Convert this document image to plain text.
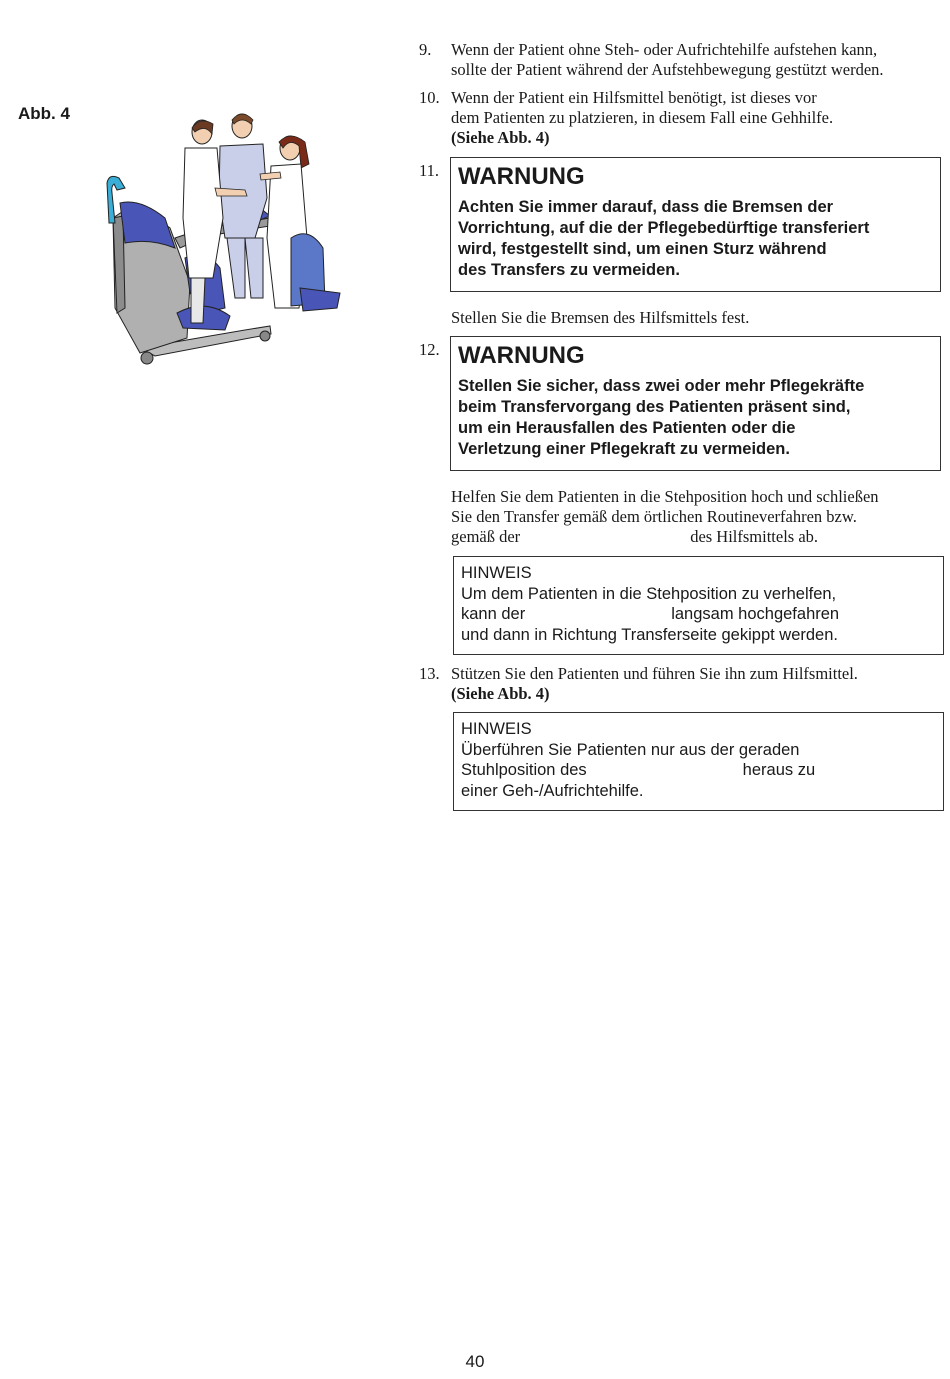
Abb. 4
9. Wenn der Patient ohne Steh- oder Aufrichtehilfe aufstehen kann,
sollte der Patient während der Aufstehbewegung gestützt werden.
10. Wenn der Patient ein Hilfsmittel benötigt, ist dieses vor
dem Patienten zu platzieren, in diesem Fall eine Gehhilfe.
(Siehe Abb. 4)
11. WARNUNG

Achten Sie immer darauf, dass die Bremsen der

Vorrichtung, auf die der Pflegebedürftige transferiert

wird, festgestellt sind, um einen Sturz während

des Transfers zu vermeiden.

Stellen Sie die Bremsen des Hilfsmittels fest.
12. WARNUNG

Stellen Sie sicher, dass zwei oder mehr Pflegekräfte

beim Transfervorgang des Patienten präsent sind,

um ein Herausfallen des Patienten oder die

Verletzung einer Pflegekraft zu vermeiden.

Helfen Sie dem Patienten in die Stehposition hoch und schließen
Sie den Transfer gemäß dem örtlichen Routineverfahren bzw.
gemäß der	des Hilfsmittels ab.
HINWEIS
Um dem Patienten in die Stehposition zu verhelfen,
kann der	langsam hochgefahren
und dann in Richtung Transferseite gekippt werden.
13. Stützen Sie den Patienten und führen Sie ihn zum Hilfsmittel.
(Siehe Abb. 4)
HINWEIS
Überführen Sie Patienten nur aus der geraden
Stuhlposition des	heraus zu
einer Geh-/Aufrichtehilfe.
40
